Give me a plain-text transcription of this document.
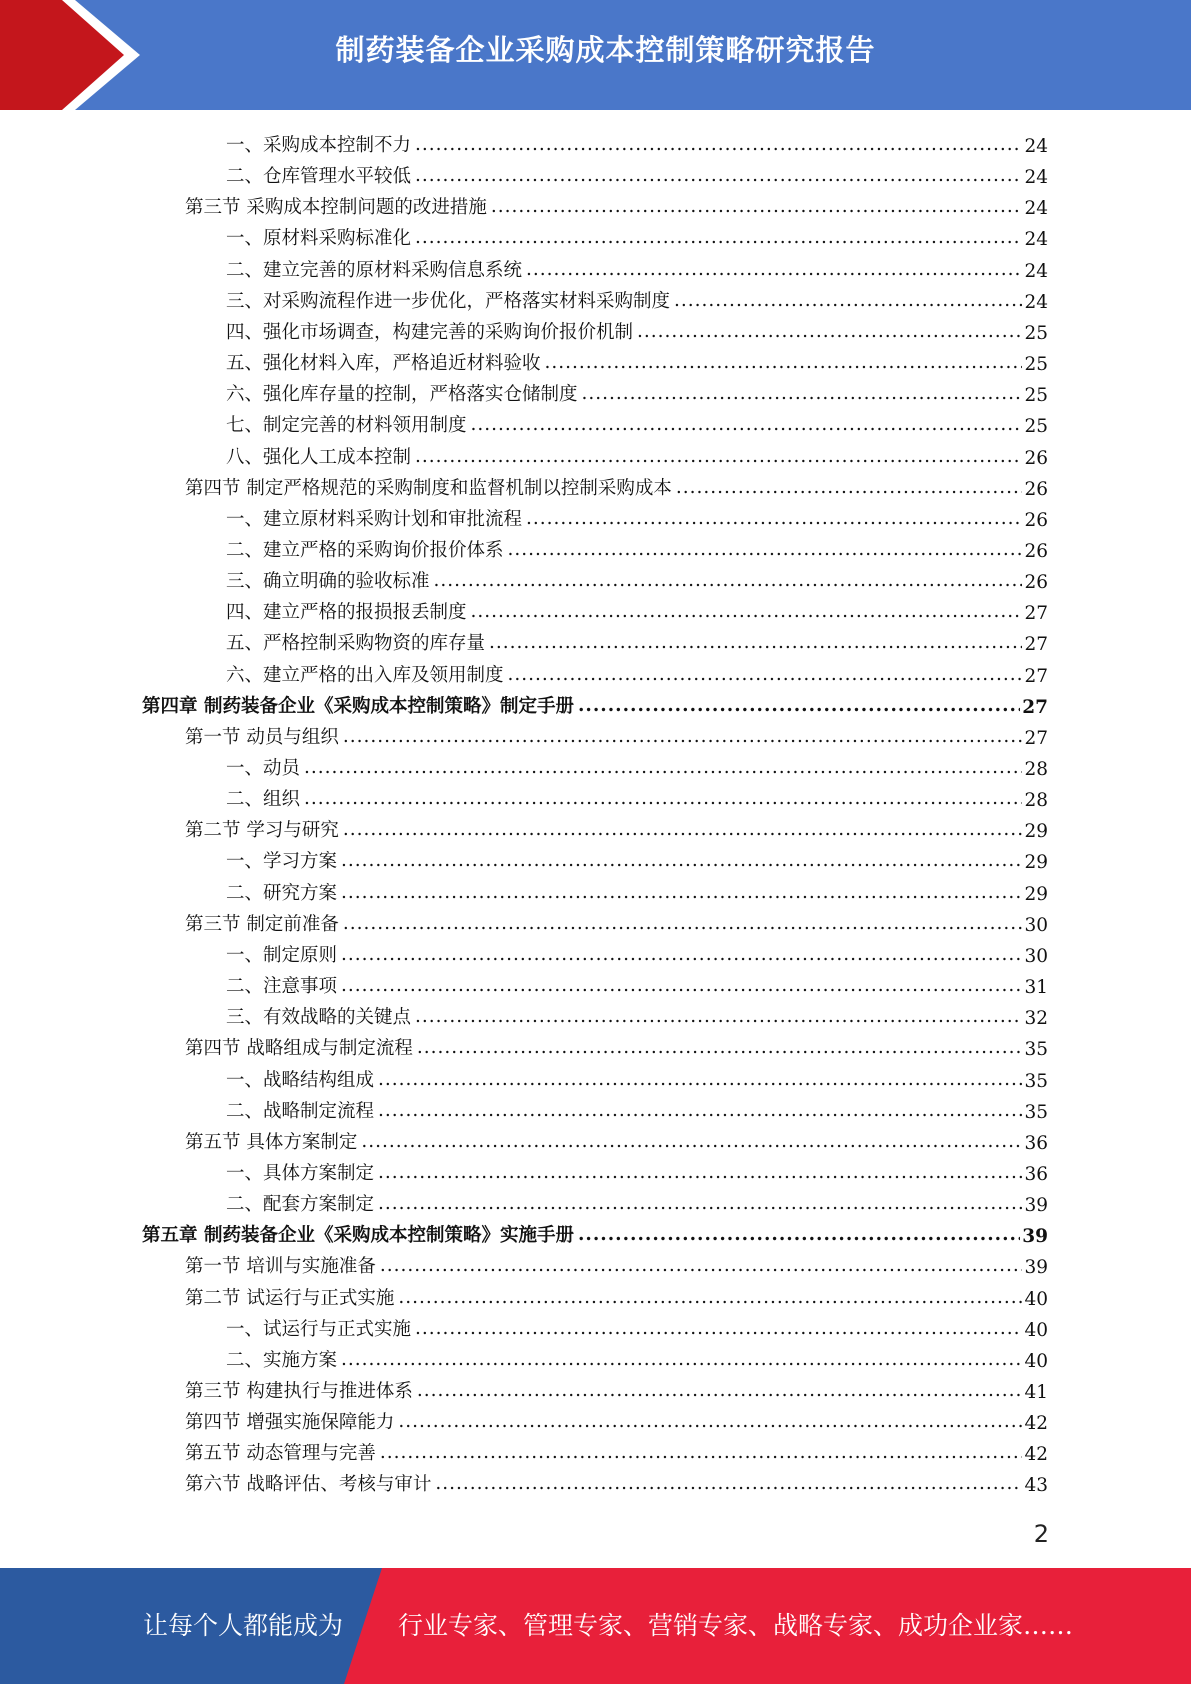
制药装备企业采购成本控制策略研究报告
一、采购成本控制不力 .....	24
二、仓库管理水平较低 .....	24
第三节 采购成本控制问题的改进措施 .....	24
一、原材料采购标准化 .....	24
二、建立完善的原材料采购信息系统 .....	24
三、对采购流程作进一步优化，严格落实材料采购制度 .....	24
四、强化市场调查，构建完善的采购询价报价机制 .....	25
五、强化材料入库，严格追近材料验收 .....	25
六、强化库存量的控制，严格落实仓储制度 .....	25
七、制定完善的材料领用制度 .....	25
八、强化人工成本控制 .....	26
第四节 制定严格规范的采购制度和监督机制以控制采购成本 .....	26
一、建立原材料采购计划和审批流程 .....	26
二、建立严格的采购询价报价体系 .....	26
三、确立明确的验收标准 .....	26
四、建立严格的报损报丢制度 .....	27
五、严格控制采购物资的库存量 .....	27
六、建立严格的出入库及领用制度 .....	27
第四章 制药装备企业《采购成本控制策略》制定手册 .....	27
第一节 动员与组织 .....	27
一、动员 .....	28
二、组织 .....	28
第二节 学习与研究 .....	29
一、学习方案 .....	29
二、研究方案 .....	29
第三节 制定前准备 .....	30
一、制定原则 .....	30
二、注意事项 .....	31
三、有效战略的关键点 .....	32
第四节 战略组成与制定流程 .....	35
一、战略结构组成 .....	35
二、战略制定流程 .....	35
第五节 具体方案制定 .....	36
一、具体方案制定 .....	36
二、配套方案制定 .....	39
第五章 制药装备企业《采购成本控制策略》实施手册 .....	39
第一节 培训与实施准备 .....	39
第二节 试运行与正式实施 .....	40
一、试运行与正式实施 .....	40
二、实施方案 .....	40
第三节 构建执行与推进体系 .....	41
第四节 增强实施保障能力 .....	42
第五节 动态管理与完善 .....	42
第六节 战略评估、考核与审计 .....	43
2
让每个人都能成为 行业专家、管理专家、营销专家、战略专家、成功企业家……
